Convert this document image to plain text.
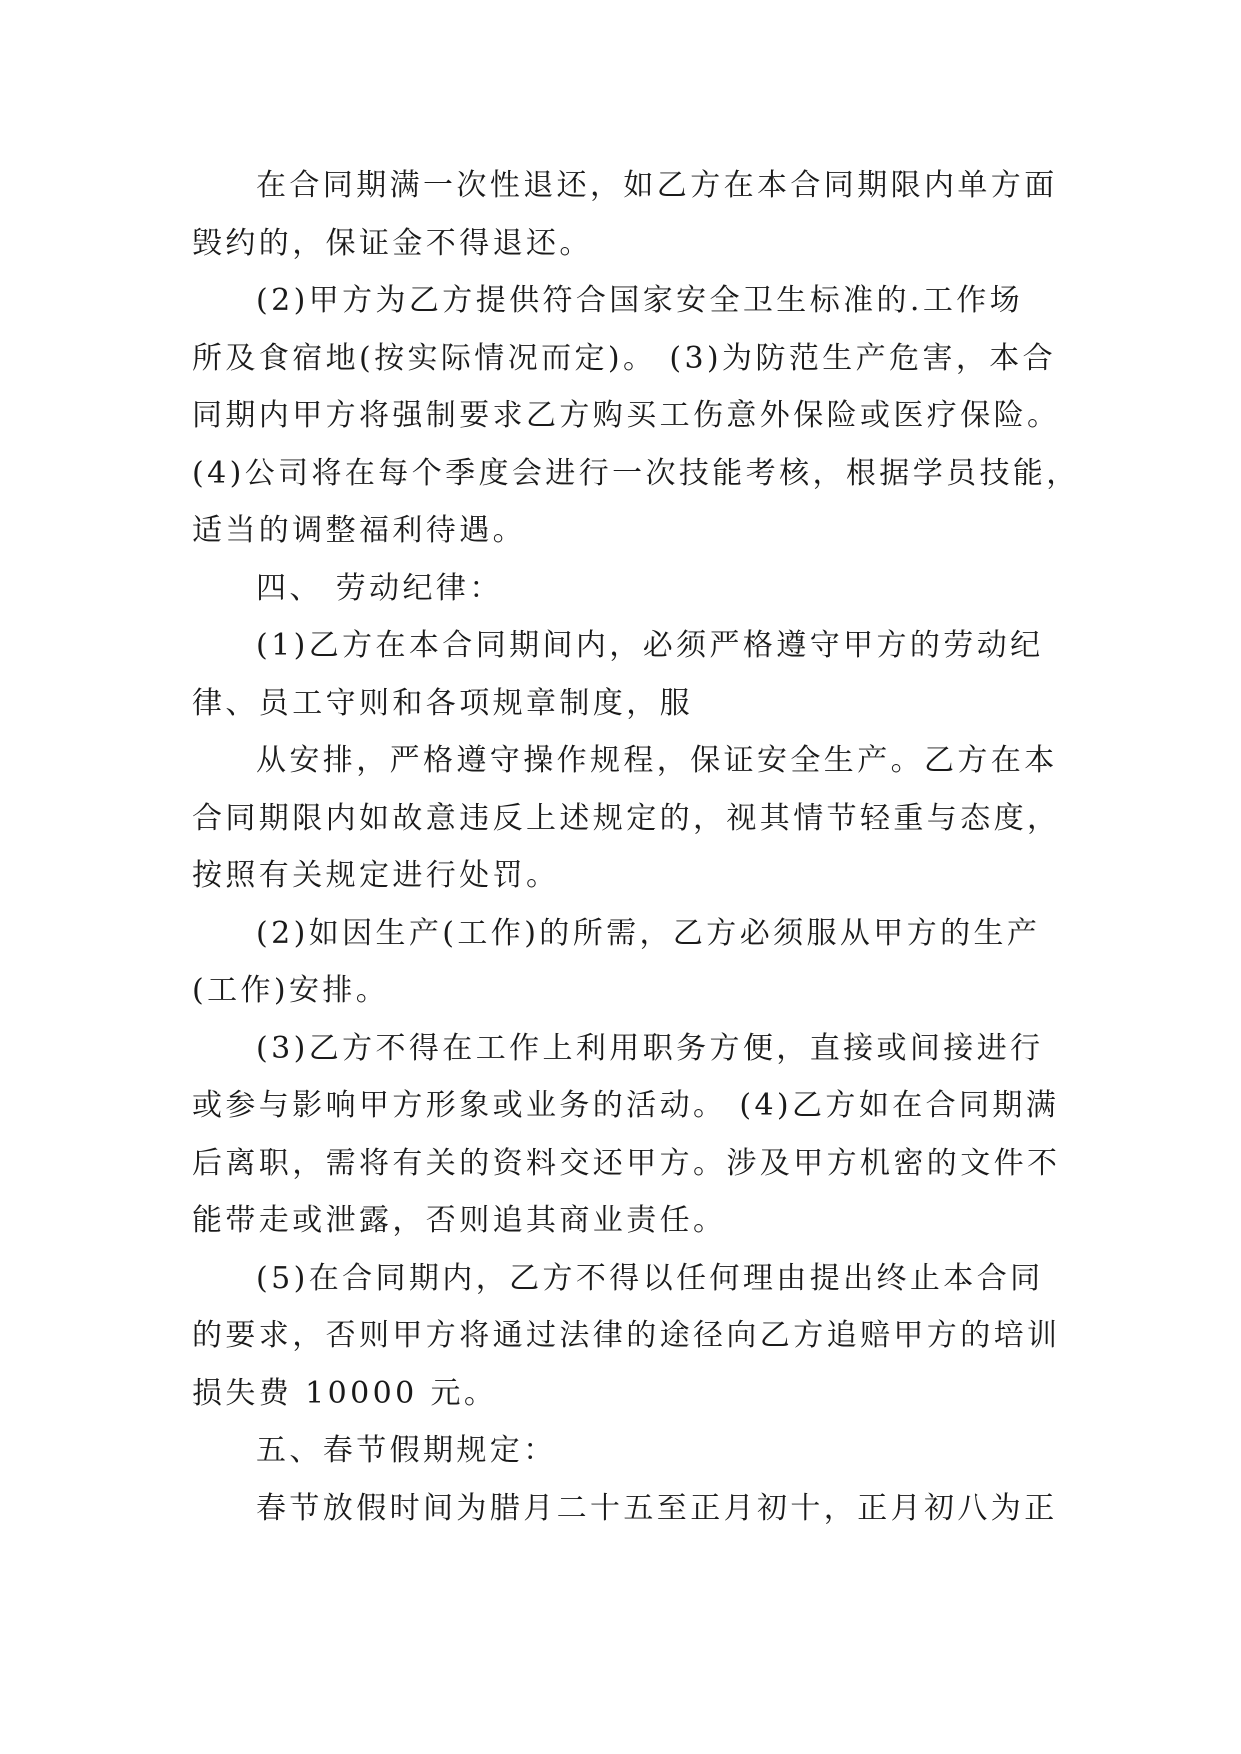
在合同期满一次性退还，如乙方在本合同期限内单方面
毁约的，保证金不得退还。
(2)甲方为乙方提供符合国家安全卫生标准的.工作场
所及食宿地(按实际情况而定)。 (3)为防范生产危害，本合
同期内甲方将强制要求乙方购买工伤意外保险或医疗保险。
(4)公司将在每个季度会进行一次技能考核，根据学员技能，
适当的调整福利待遇。
四、 劳动纪律：
(1)乙方在本合同期间内，必须严格遵守甲方的劳动纪
律、员工守则和各项规章制度，服
从安排，严格遵守操作规程，保证安全生产。乙方在本
合同期限内如故意违反上述规定的，视其情节轻重与态度，
按照有关规定进行处罚。
(2)如因生产(工作)的所需，乙方必须服从甲方的生产
(工作)安排。
(3)乙方不得在工作上利用职务方便，直接或间接进行
或参与影响甲方形象或业务的活动。 (4)乙方如在合同期满
后离职，需将有关的资料交还甲方。涉及甲方机密的文件不
能带走或泄露，否则追其商业责任。
(5)在合同期内，乙方不得以任何理由提出终止本合同
的要求，否则甲方将通过法律的途径向乙方追赔甲方的培训
损失费 10000 元。
五、春节假期规定：
春节放假时间为腊月二十五至正月初十，正月初八为正
